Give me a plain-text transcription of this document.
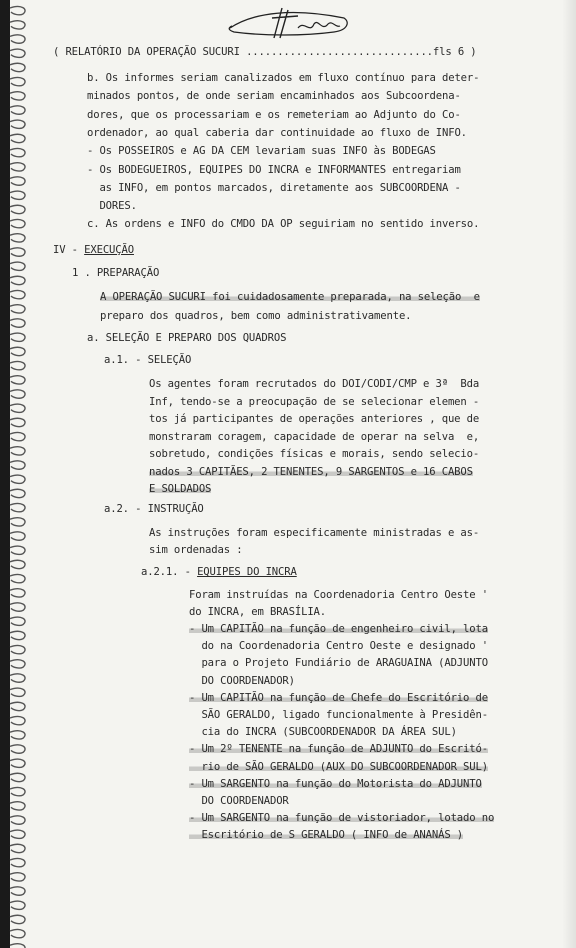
( RELATÓRIO DA OPERAÇÃO SUCURI ..............................fls 6 )
b. Os informes seriam canalizados em fluxo contínuo para deter-
minados pontos, de onde seriam encaminhados aos Subcoordena-
dores, que os processariam e os remeteriam ao Adjunto do Co-
ordenador, ao qual caberia dar continuidade ao fluxo de INFO.
- Os POSSEIROS e AG DA CEM levariam suas INFO às BODEGAS
- Os BODEGUEIROS, EQUIPES DO INCRA e INFORMANTES entregariam
as INFO, em pontos marcados, diretamente aos SUBCOORDENA -
DORES.
c. As ordens e INFO do CMDO DA OP seguiriam no sentido inverso.
IV - EXECUÇÃO
1 . PREPARAÇÃO
A OPERAÇÃO SUCURI foi cuidadosamente preparada, na seleção  e
preparo dos quadros, bem como administrativamente.
a. SELEÇÃO E PREPARO DOS QUADROS
a.1. - SELEÇÃO
Os agentes foram recrutados do DOI/CODI/CMP e 3ª  Bda
Inf, tendo-se a preocupação de se selecionar elemen -
tos já participantes de operações anteriores , que de
monstraram coragem, capacidade de operar na selva  e,
sobretudo, condições físicas e morais, sendo selecio-
nados 3 CAPITÃES, 2 TENENTES, 9 SARGENTOS e 16 CABOS
E SOLDADOS
a.2. - INSTRUÇÃO
As instruções foram especificamente ministradas e as-
sim ordenadas :
a.2.1. - EQUIPES DO INCRA
Foram instruídas na Coordenadoria Centro Oeste '
do INCRA, em BRASÍLIA.
- Um CAPITÃO na função de engenheiro civil, lota
do na Coordenadoria Centro Oeste e designado '
para o Projeto Fundiário de ARAGUAINA (ADJUNTO
DO COORDENADOR)
- Um CAPITÃO na função de Chefe do Escritório de
SÃO GERALDO, ligado funcionalmente à Presidên-
cia do INCRA (SUBCOORDENADOR DA ÁREA SUL)
- Um 2º TENENTE na função de ADJUNTO do Escritó-
rio de SÃO GERALDO (AUX DO SUBCOORDENADOR SUL)
- Um SARGENTO na função do Motorista do ADJUNTO
DO COORDENADOR
- Um SARGENTO na função de vistoriador, lotado no
Escritório de S GERALDO ( INFO de ANANÁS )
